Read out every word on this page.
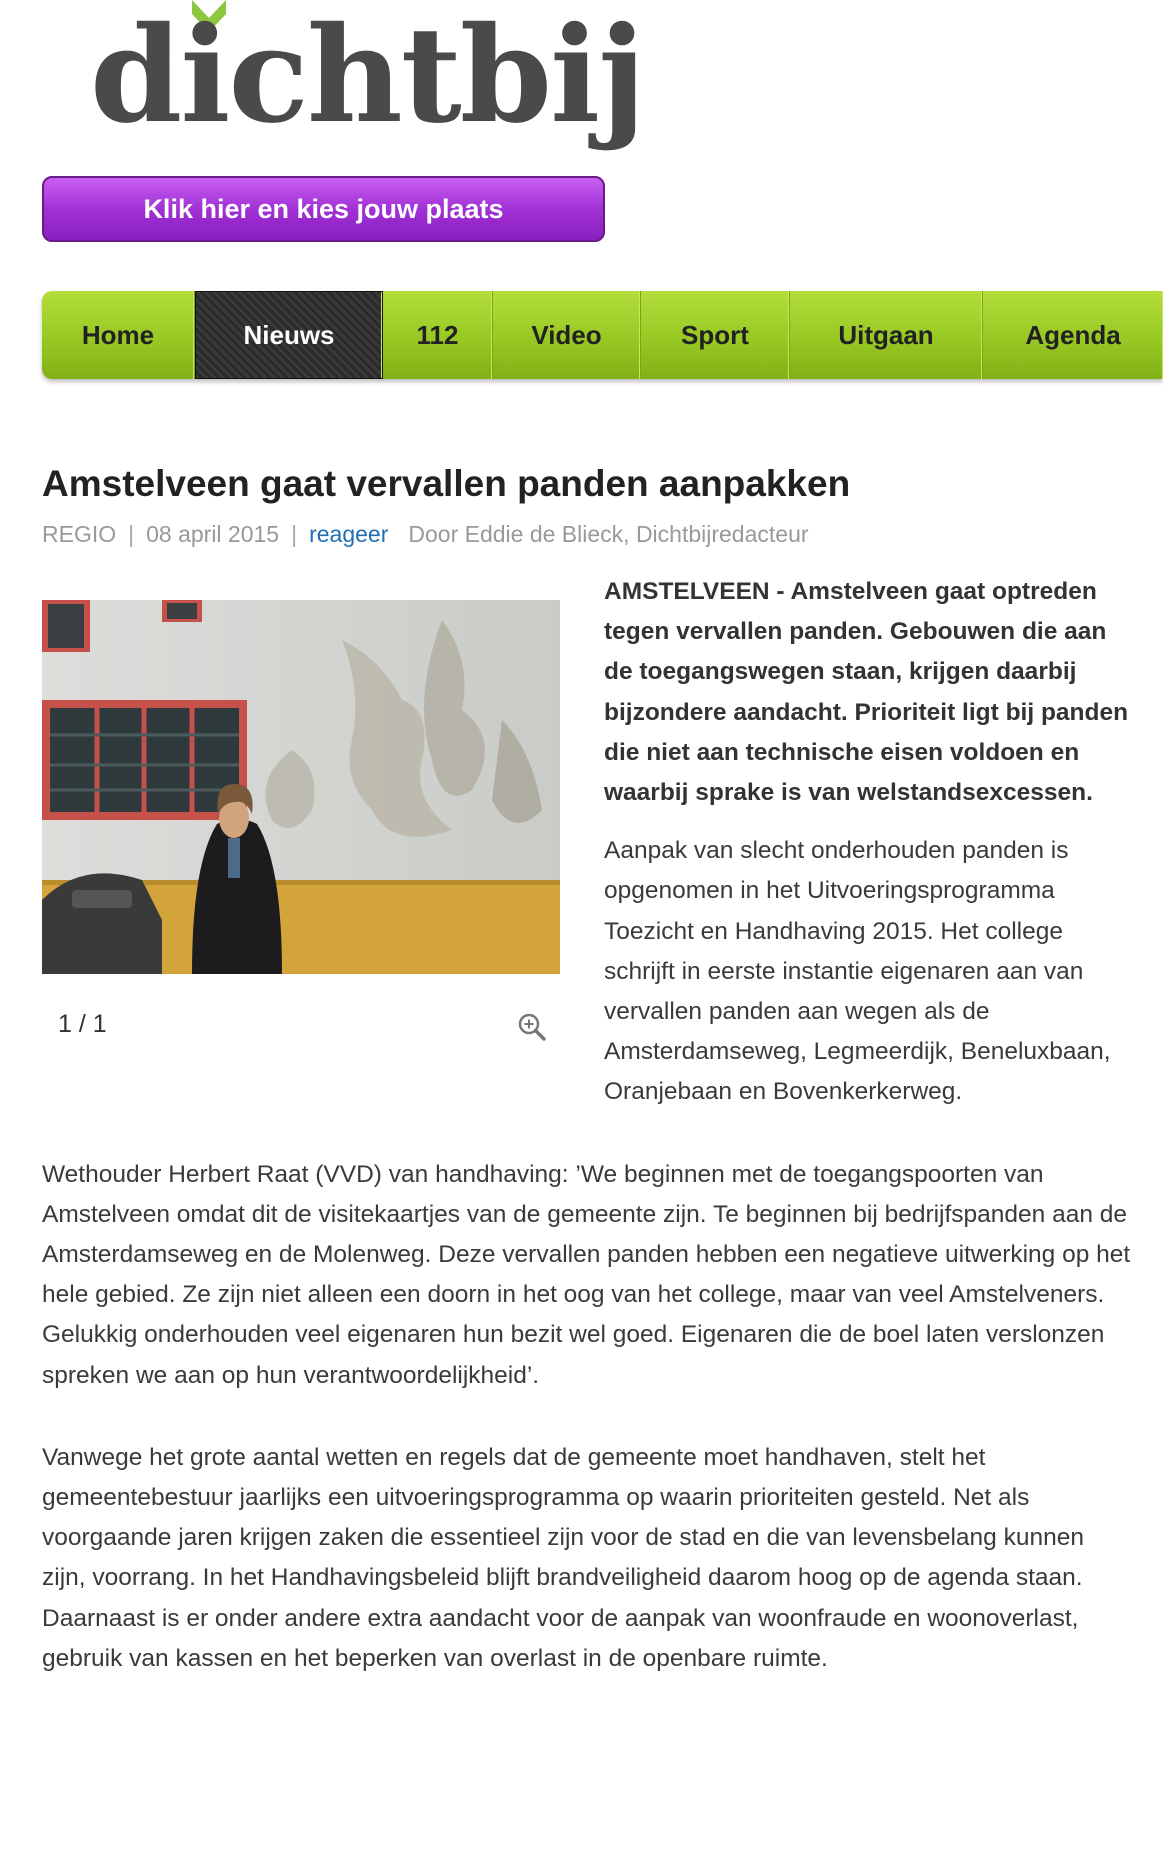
dichtbij
Klik hier en kies jouw plaats
Home	Nieuws	112	Video	Sport	Uitgaan	Agenda
Amstelveen gaat vervallen panden aanpakken
REGIO | 08 april 2015 | reageer Door Eddie de Blieck, Dichtbijredacteur
1 / 1

AMSTELVEEN - Amstelveen gaat optreden tegen vervallen panden. Gebouwen die aan de toegangswegen staan, krijgen daarbij bijzondere aandacht. Prioriteit ligt bij panden die niet aan technische eisen voldoen en waarbij sprake is van welstandsexcessen.

Aanpak van slecht onderhouden panden is opgenomen in het Uitvoeringsprogramma Toezicht en Handhaving 2015. Het college schrijft in eerste instantie eigenaren aan van vervallen panden aan wegen als de Amsterdamseweg, Legmeerdijk, Beneluxbaan, Oranjebaan en Bovenkerkerweg.

Wethouder Herbert Raat (VVD) van handhaving: ’We beginnen met de toegangspoorten van Amstelveen omdat dit de visitekaartjes van de gemeente zijn. Te beginnen bij bedrijfspanden aan de Amsterdamseweg en de Molenweg. Deze vervallen panden hebben een negatieve uitwerking op het hele gebied. Ze zijn niet alleen een doorn in het oog van het college, maar van veel Amstelveners. Gelukkig onderhouden veel eigenaren hun bezit wel goed. Eigenaren die de boel laten verslonzen spreken we aan op hun verantwoordelijkheid’.

Vanwege het grote aantal wetten en regels dat de gemeente moet handhaven, stelt het gemeentebestuur jaarlijks een uitvoeringsprogramma op waarin prioriteiten gesteld. Net als voorgaande jaren krijgen zaken die essentieel zijn voor de stad en die van levensbelang kunnen zijn, voorrang. In het Handhavingsbeleid blijft brandveiligheid daarom hoog op de agenda staan. Daarnaast is er onder andere extra aandacht voor de aanpak van woonfraude en woonoverlast, gebruik van kassen en het beperken van overlast in de openbare ruimte.
